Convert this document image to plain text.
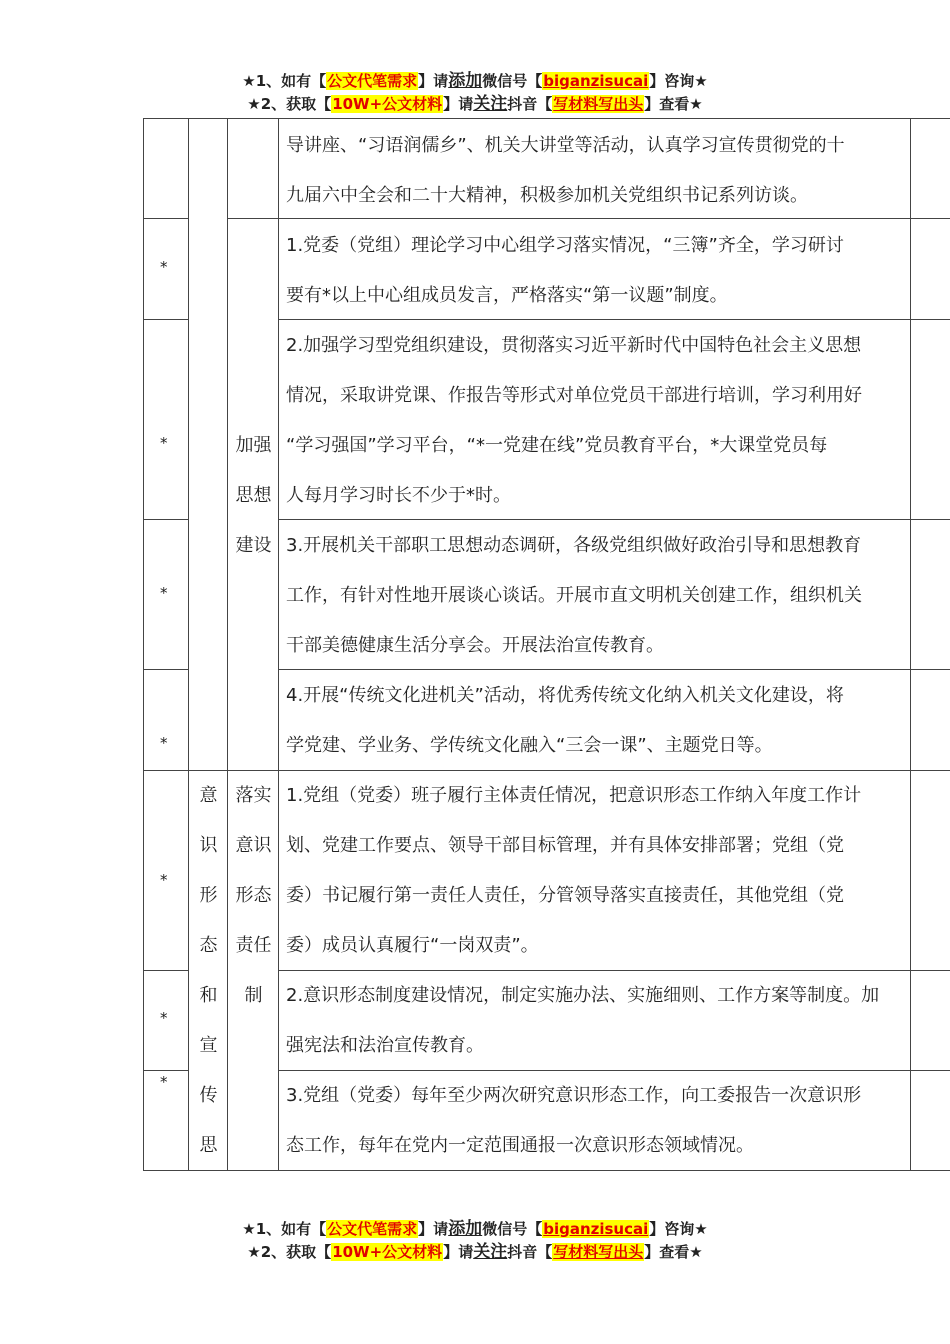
★1、如有【公文代笔需求】请添加微信号【biganzisucai】咨询★
★2、获取【10W+公文材料】请关注抖音【写材料写出头】查看★
*
*
*
*
*
*
*
加强
思想
建设
意
识
形
态
和
宣
传
思
落实
意识
形态
责任
制
导讲座、“习语润儒乡”、机关大讲堂等活动，认真学习宣传贯彻党的十
九届六中全会和二十大精神，积极参加机关党组织书记系列访谈。
1.党委（党组）理论学习中心组学习落实情况，“三簿”齐全，学习研讨
要有*以上中心组成员发言，严格落实“第一议题”制度。
2.加强学习型党组织建设，贯彻落实习近平新时代中国特色社会主义思想
情况，采取讲党课、作报告等形式对单位党员干部进行培训，学习利用好
“学习强国”学习平台，“*一党建在线”党员教育平台，*大课堂党员每
人每月学习时长不少于*时。
3.开展机关干部职工思想动态调研，各级党组织做好政治引导和思想教育
工作，有针对性地开展谈心谈话。开展市直文明机关创建工作，组织机关
干部美德健康生活分享会。开展法治宣传教育。
4.开展“传统文化进机关”活动，将优秀传统文化纳入机关文化建设，将
学党建、学业务、学传统文化融入“三会一课”、主题党日等。
1.党组（党委）班子履行主体责任情况，把意识形态工作纳入年度工作计
划、党建工作要点、领导干部目标管理，并有具体安排部署；党组（党
委）书记履行第一责任人责任，分管领导落实直接责任，其他党组（党
委）成员认真履行“一岗双责”。
2.意识形态制度建设情况，制定实施办法、实施细则、工作方案等制度。加
强宪法和法治宣传教育。
3.党组（党委）每年至少两次研究意识形态工作，向工委报告一次意识形
态工作，每年在党内一定范围通报一次意识形态领域情况。
★1、如有【公文代笔需求】请添加微信号【biganzisucai】咨询★
★2、获取【10W+公文材料】请关注抖音【写材料写出头】查看★
